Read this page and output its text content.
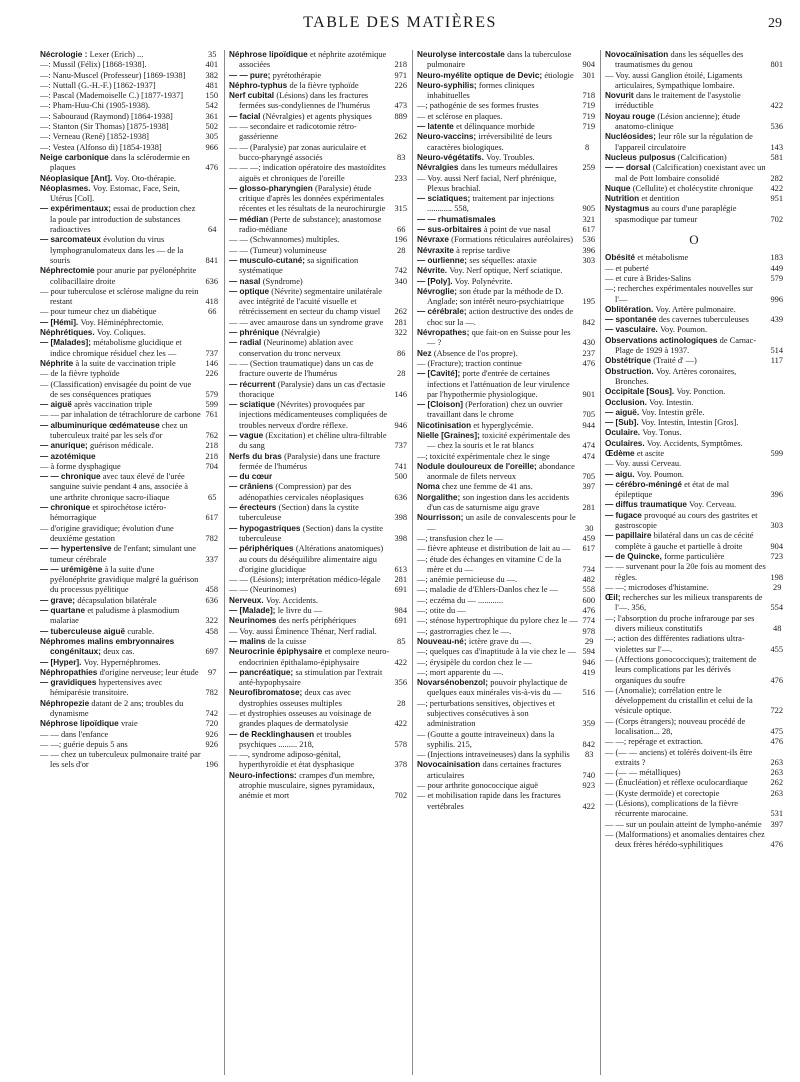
TABLE DES MATIÈRES	29
Nécrologie : Lexer (Erich) ...	35
—: Mussil (Félix) [1868-1938].	401
—: Nanu-Muscel (Professeur) [1869-1938] 382
—: Nuttall (G.-H.-F.) [1862-1937]	481
—: Pascal (Mademoiselle C.) [1877-1937]	150
—: Pham-Huu-Chi (1905-1938).	542
—: Sabouraud (Raymond) [1864-1938]	361
—: Stanton (Sir Thomas) [1875-1938]	502
—: Verneau (René) [1852-1938]	305
—: Vestea (Alfonso di) [1854-1938]	966
Neige carbonique dans la sclérodermie en plaques	476
Néoplasique [Ant]. Voy. Oto-thérapie.
Néoplasmes. Voy. Estomac, Face, Sein, Utérus [Col].
— expérimentaux; essai de production chez la poule par introduction de substances radioactives	64
— sarcomateux évolution du virus lymphogranulomateux dans les — de la souris	841
Néphrectomie pour anurie par pyélonéphrite colibacillaire droite	636
— pour tuberculose et sclérose maligne du rein restant	418
— pour tumeur chez un diabétique	66
— [Hémi]. Voy. Héminéphrectomie.
Néphrétiques. Voy. Coliques.
— [Malades]; métabolisme glucidique et indice chromique résiduel chez les —	737
Néphrite à la suite de vaccination triple	146
— de la fièvre typhoïde	226
— (Classification) envisagée du point de vue de ses conséquences pratiques	579
— aiguë après vaccination triple	599
— — par inhalation de tétrachlorure de carbone 761
— albuminurique œdémateuse chez un tuberculeux traité par les sels d'or	762
— anurique; guérison médicale.	218
— azotémique	218
— à forme dysphagique	704
— — chronique avec taux élevé de l'urée sanguine suivie pendant 4 ans, associée à une arthrite chronique sacro-iliaque	65
— chronique et spirochétose ictéro-hémorragique	617
— d'origine gravidique; évolution d'une deuxième gestation	782
— — hypertensive de l'enfant; simulant une tumeur cérébrale	337
— — urémigène à la suite d'une pyélonéphrite gravidique malgré la guérison du processus pyélitique	458
— grave; décapsulation bilatérale	636
— quartane et paludisme à plasmodium malariae	322
— tuberculeuse aiguë curable.	458
Néphromes malins embryonnaires congénitaux; deux cas.	697
— [Hyper]. Voy. Hypernéphromes.
Néphropathies d'origine nerveuse; leur étude 97
— gravidiques hypertensives avec hémiparésie transitoire.	782
Néphropezie datant de 2 ans; troubles du dynamisme	742
Néphrose lipoïdique vraie	720
— — dans l'enfance	926
— —; guérie depuis 5 ans	926
— — chez un tuberculeux pulmonaire traité par les sels d'or	196
Néphrose lipoïdique et néphrite azotémique associées	218
— — pure; pyrétothérapie	971
Néphro-typhus de la fièvre typhoïde	226
Nerf cubital (Lésions) dans les fractures fermées sus-condyliennes de l'humérus	473
— facial (Névralgies) et agents physiques	889
— — secondaire et radicotomie rétro-gassérienne	262
— — (Paralysie) par zonas auriculaire et bucco-pharyngé associés	83
— — —; indication opératoire des mastoïdites aiguës et chroniques de l'oreille	233
— glosso-pharyngien (Paralysie) étude critique d'après les données expérimentales récentes et les résultats de la neurochirurgie 315
— médian (Perte de substance); anastomose radio-médiane	66
— — (Schwannomes) multiples.	196
— — (Tumeur) volumineuse	28
— musculo-cutané; sa signification systématique	742
— nasal (Syndrome)	340
— optique (Névrite) segmentaire unilatérale avec intégrité de l'acuité visuelle et rétrécissement en secteur du champ visuel 262
— — avec amaurose dans un syndrome grave 281
— phrénique (Névralgie)	322
— radial (Neurinome) ablation avec conservation du tronc nerveux	86
— — (Section traumatique) dans un cas de fracture ouverte de l'humérus	28
— récurrent (Paralysie) dans un cas d'ectasie thoracique	146
— sciatique (Névrites) provoquées par injections médicamenteuses compliquées de troubles nerveux d'ordre réflexe.	946
— vague (Excitation) et chéline ultra-filtrable du sang	737
Nerfs du bras (Paralysie) dans une fracture fermée de l'humérus	741
— du cœur	500
— crâniens (Compression) par des adénopathies cervicales néoplasiques	636
— érecteurs (Section) dans la cystite tuberculeuse	398
— hypogastriques (Section) dans la cystite tuberculeuse	398
— périphériques (Altérations anatomiques) au cours du déséquilibre alimentaire aigu d'origine glucidique	613
— — (Lésions); interprétation médico-légale 281
— — (Neurinomes)	691
Nerveux. Voy. Accidents.
— [Malade]; le livre du —	984
Neurinomes des nerfs périphériques	691
— Voy. aussi Éminence Thénar, Nerf radial.
— malins de la cuisse	85
Neurocrinie épiphysaire et complexe neuro-endocrinien épithalamo-épiphysaire	422
— pancréatique; sa stimulation par l'extrait anté-hypophysaire	356
Neurofibromatose; deux cas avec dystrophies osseuses multiples	28
— et dystrophies osseuses au voisinage de grandes plaques de dermatolysie	422
— de Recklinghausen et troubles psychiques ......... 218,	578
— —, syndrome adiposo-génital, hyperthyroïdie et état dysphasique	378
Neuro-infections: crampes d'un membre, atrophie musculaire, signes pyramidaux, anémie et mort	702
Neurolyse intercostale dans la tuberculose pulmonaire	904
Neuro-myélite optique de Devic; étiologie 301
Neuro-syphilis; formes cliniques inhabituelles	718
—; pathogénie de ses formes frustes	719
— et sclérose en plaques.	719
— latente et délinquance morbide	719
Neuro-vaccins; irréversibilité de leurs caractères biologiques.	8
Neuro-végétatifs. Voy. Troubles.
Névralgies dans les tumeurs médullaires	259
— Voy. aussi Nerf facial, Nerf phrénique, Plexus brachial.
— sciatiques; traitement par injections ............ 558,	905
— — rhumatismales	321
— sus-orbitaires à point de vue nasal	617
Névraxe (Formations réticulaires auréolaires) 536
Névraxite à reprise tardive	396
— ourlienne; ses séquelles: ataxie	303
Névrite. Voy. Nerf optique, Nerf sciatique.
— [Poly]. Voy. Polynévrite.
Névroglie; son étude par la méthode de D. Anglade; son intérêt neuro-psychiatrique 195
— cérébrale; action destructive des ondes de choc sur la —.	842
Névropathes; que fait-on en Suisse pour les — ?	430
Nez (Absence de l'os propre).	237
— (Fracture); traction continue	476
— [Cavité]; porte d'entrée de certaines infections et l'atténuation de leur virulence par l'hypothermie physiologique.	901
— [Cloison] (Perforation) chez un ouvrier travaillant dans le chrome	705
Nicotinisation et hyperglycémie.	944
Nielle [Graines]; toxicité expérimentale des — chez la souris et le rat blancs	474
—; toxicité expérimentale chez le singe	474
Nodule douloureux de l'oreille; abondance anormale de filets nerveux	705
Noma chez une femme de 41 ans.	397
Norgalithe; son ingestion dans les accidents d'un cas de saturnisme aigu grave	281
Nourrisson; un asile de convalescents pour le —	30
—; transfusion chez le —	459
— fièvre aphteuse et distribution de lait au — 617
—; étude des échanges en vitamine C de la mère et du —	734
—; anémie pernicieuse du —.	482
—; maladie de d'Ehlers-Danlos chez le —	558
—; eczéma du — ............	600
—; otite du —	476
—; sténose hypertrophique du pylore chez le — 774
—; gastrorragies chez le —.	978
Nouveau-né; ictère grave du —.	29
—; quelques cas d'inaptitude à la vie chez le — 594
—; érysipèle du cordon chez le —	946
—; mort apparente du —.	419
Novarsénobenzol; pouvoir phylactique de quelques eaux minérales vis-à-vis du —	516
—; perturbations sensitives, objectives et subjectives consécutives à son administration	359
— (Goutte a goutte intraveineux) dans la syphilis. 215,	842
— (Injections intraveineuses) dans la syphilis 83
Novocainisation dans certaines fractures articulaires	740
— pour arthrite gonococcique aiguë	923
— et mobilisation rapide dans les fractures vertébrales	422
Novocaïnisation dans les séquelles des traumatismes du genou	801
— Voy. aussi Ganglion étoilé, Ligaments articulaires, Sympathique lombaire.
Novurit dans le traitement de l'asystolie irréductible	422
Noyau rouge (Lésion ancienne); étude anatomo-clinique	536
Nucléosides; leur rôle sur la régulation de l'appareil circulatoire	143
Nucleus pulposus (Calcification)	581
— — dorsal (Calcification) coexistant avec un mal de Pott lombaire consolidé	282
Nuque (Cellulite) et cholécystite chronique 422
Nutrition et dentition	951
Nystagmus au cours d'une paraplégie spasmodique par tumeur	702
O
Obésité et métabolisme	183
— et puberté	449
— et cure à Brides-Salins	579
—; recherches expérimentales nouvelles sur l'—	996
Oblitération. Voy. Artère pulmonaire.
— spontanée des cavernes tuberculeuses	439
— vasculaire. Voy. Poumon.
Observations actinologiques de Carnac-Plage de 1929 à 1937.	514
Obstétrique (Traité d' —)	117
Obstruction. Voy. Artères coronaires, Bronches.
Occipitale [Sous]. Voy. Ponction.
Occlusion. Voy. Intestin.
— aiguë. Voy. Intestin grêle.
— [Sub]. Voy. Intestin, Intestin [Gros].
Oculaire. Voy. Tonus.
Oculaires. Voy. Accidents, Symptômes.
Œdème et ascite	599
— Voy. aussi Cerveau.
— aigu. Voy. Poumon.
— cérébro-méningé et état de mal épileptique	396
— diffus traumatique Voy. Cerveau.
— fugace provoqué au cours des gastrites et gastroscopie	303
— papillaire bilatéral dans un cas de cécité complète à gauche et partielle à droite	904
— de Quincke, forme particulière	723
— — survenant pour la 20e fois au moment des règles.	198
— —; microdoses d'histamine.	29
Œil; recherches sur les milieux transparents de l'—. 356,	554
—; l'absorption du proche infrarouge par ses divers milieux constitutifs	48
—; action des différentes radiations ultra-violettes sur l'—.	455
— (Affections gonococciques); traitement de leurs complications par les dérivés organiques du soufre	476
— (Anomalie); corrélation entre le développement du cristallin et celui de la vésicule optique.	722
— (Corps étrangers); nouveau procédé de localisation... 28,	475
— —; repérage et extraction.	476
— (— — anciens) et tolérés doivent-ils être extraits ?	263
— (— — métalliques)	263
— (Énucléation) et réflexe oculocardiaque	262
— (Kyste dermoïde) et corectopie	263
— (Lésions), complications de la fièvre récurrente marocaine.	531
— — sur un poulain atteint de lympho-anémie 397
— (Malformations) et anomalies dentaires chez deux frères hérédo-syphilitiques	476
